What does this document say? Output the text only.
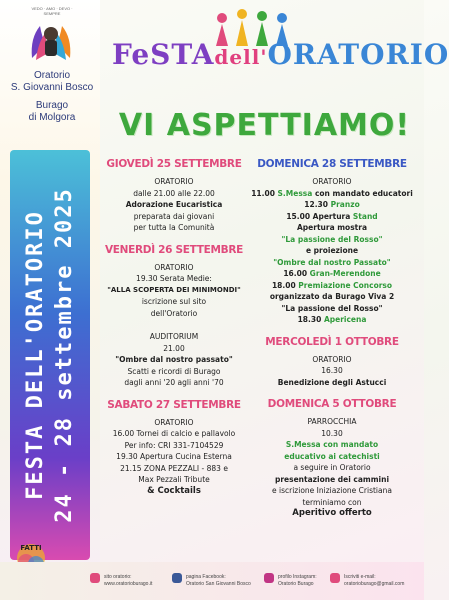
VEDO · AMO · DEVO · SEMPRE
Oratorio
S. Giovanni Bosco
Burago
di Molgora
FESTA DELL'ORATORIO 24 - 28 settembre 2025
FeSTAdell'ORATORIO
VI ASPETTIAMO!
GIOVEDÌ 25 SETTEMBRE
ORATORIO
dalle 21.00 alle 22.00
Adorazione Eucaristica
preparata dai giovani
per tutta la Comunità
VENERDÌ 26 SETTEMBRE
ORATORIO
19.30 Serata Medie:
"ALLA SCOPERTA DEI MINIMONDI"
iscrizione sul sito
dell'Oratorio
AUDITORIUM
21.00
"Ombre dal nostro passato"
Scatti e ricordi di Burago
dagli anni '20 agli anni '70
SABATO 27 SETTEMBRE
ORATORIO
16.00 Tornei di calcio e pallavolo
Per info: CRI 331-7104529
19.30 Apertura Cucina Esterna
21.15 ZONA PEZZALI - 883 e
Max Pezzali Tribute
& Cocktails
DOMENICA 28 SETTEMBRE
ORATORIO
11.00 S.Messa con mandato educatori
12.30 Pranzo
15.00 Apertura Stand
Apertura mostra
"La passione del Rosso"
e proiezione
"Ombre dal nostro Passato"
16.00 Gran-Merendone
18.00 Premiazione Concorso
organizzato da Burago Viva 2
"La passione del Rosso"
18.30 Apericena
MERCOLEDÌ 1 OTTOBRE
ORATORIO
16.30
Benedizione degli Astucci
DOMENICA 5 OTTOBRE
PARROCCHIA
10.30
S.Messa con mandato
educativo ai catechisti
a seguire in Oratorio
presentazione dei cammini
e iscrizione Iniziazione Cristiana
terminiamo con
Aperitivo offerto
FATTI
sito oratorio:
www.oratorioburago.it
pagina Facebook:
Oratorio San Giovanni Bosco
profilo Instagram:
Oratorio Burago
Iscriviti e-mail:
oratorioburago@gmail.com
